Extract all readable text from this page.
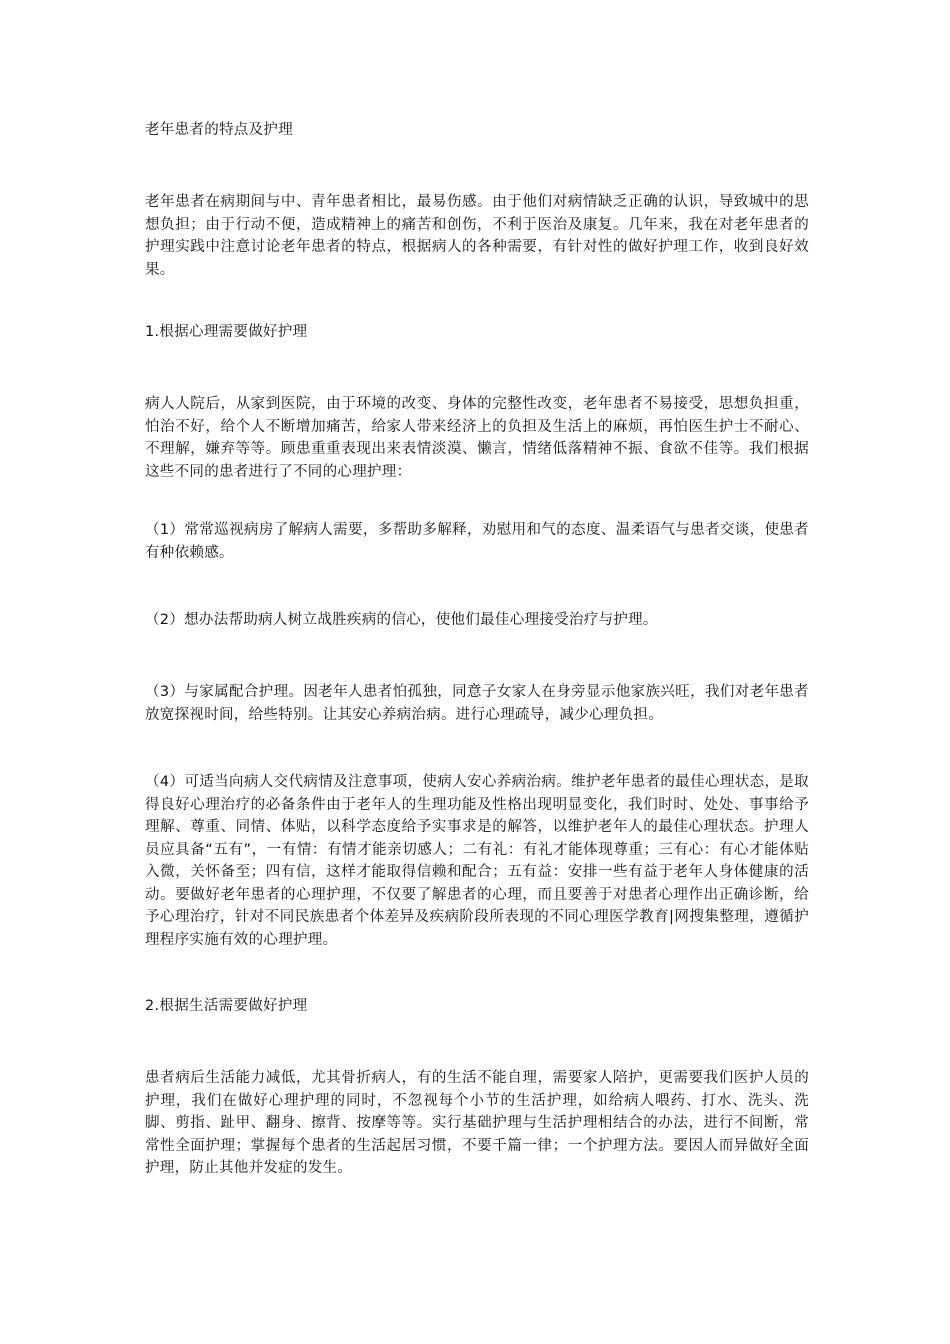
老年患者的特点及护理

老年患者在病期间与中、青年患者相比，最易伤感。由于他们对病情缺乏正确的认识，导致城中的思想负担；由于行动不便，造成精神上的痛苦和创伤，不利于医治及康复。几年来，我在对老年患者的护理实践中注意讨论老年患者的特点，根据病人的各种需要，有针对性的做好护理工作，收到良好效果。

1.根据心理需要做好护理

病人人院后，从家到医院，由于环境的改变、身体的完整性改变，老年患者不易接受，思想负担重，怕治不好，给个人不断增加痛苦，给家人带来经济上的负担及生活上的麻烦，再怕医生护士不耐心、不理解，嫌弃等等。顾患重重表现出来表情淡漠、懒言，情绪低落精神不振、食欲不佳等。我们根据这些不同的患者进行了不同的心理护理：

（1）常常巡视病房了解病人需要，多帮助多解释，劝慰用和气的态度、温柔语气与患者交谈，使患者有种依赖感。

（2）想办法帮助病人树立战胜疾病的信心，使他们最佳心理接受治疗与护理。

（3）与家属配合护理。因老年人患者怕孤独，同意子女家人在身旁显示他家族兴旺，我们对老年患者放宽探视时间，给些特别。让其安心养病治病。进行心理疏导，减少心理负担。

（4）可适当向病人交代病情及注意事项，使病人安心养病治病。维护老年患者的最佳心理状态，是取得良好心理治疗的必备条件由于老年人的生理功能及性格出现明显变化，我们时时、处处、事事给予理解、尊重、同情、体贴，以科学态度给予实事求是的解答，以维护老年人的最佳心理状态。护理人员应具备“五有”，一有情：有情才能亲切感人；二有礼：有礼才能体现尊重；三有心：有心才能体贴入微，关怀备至；四有信，这样才能取得信赖和配合；五有益：安排一些有益于老年人身体健康的活动。要做好老年患者的心理护理，不仅要了解患者的心理，而且要善于对患者心理作出正确诊断，给予心理治疗，针对不同民族患者个体差异及疾病阶段所表现的不同心理医学教育|网搜集整理，遵循护理程序实施有效的心理护理。

2.根据生活需要做好护理

患者病后生活能力减低，尤其骨折病人，有的生活不能自理，需要家人陪护，更需要我们医护人员的护理，我们在做好心理护理的同时，不忽视每个小节的生活护理，如给病人喂药、打水、洗头、洗脚、剪指、趾甲、翻身、擦背、按摩等等。实行基础护理与生活护理相结合的办法，进行不间断，常常性全面护理；掌握每个患者的生活起居习惯，不要千篇一律；一个护理方法。要因人而异做好全面护理，防止其他并发症的发生。
